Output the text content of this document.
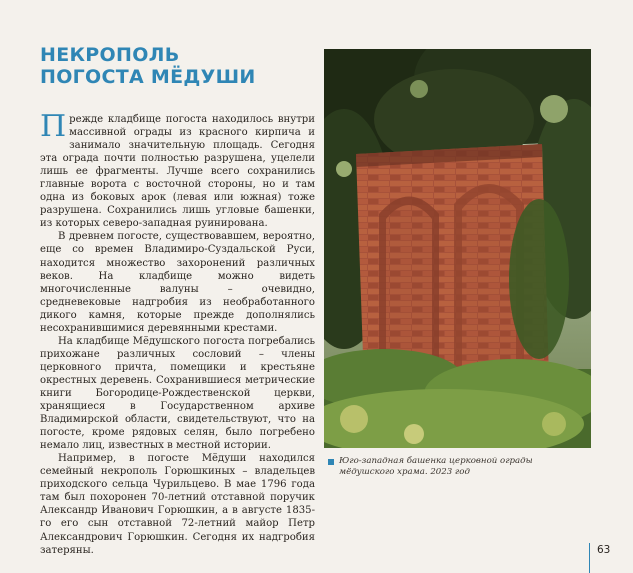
НЕКРОПОЛЬ
ПОГОСТА МЁДУШИ

Прежде кладбище погоста находилось внутри массивной ограды из красного кирпича и занимало значительную площадь. Сегодня эта ограда почти полностью разрушена, уцелели лишь ее фрагменты. Лучше всего сохранились главные ворота с восточной стороны, но и там одна из боковых арок (левая или южная) тоже разрушена. Сохранились лишь угловые башенки, из которых северо-западная руинирована.

В древнем погосте, существовавшем, вероятно, еще со времен Владимиро-Суздальской Руси, находится множество захоронений различных веков. На кладбище можно видеть многочисленные валуны – очевидно, средневековые надгробия из необработанного дикого камня, которые прежде дополнялись несохранившимися деревянными крестами.

На кладбище Мёдушского погоста погребались прихожане различных сословий – члены церковного причта, помещики и крестьяне окрестных деревень. Сохранившиеся метрические книги Богородице-Рождественской церкви, хранящиеся в Государственном архиве Владимирской области, свидетельствуют, что на погосте, кроме рядовых селян, было погребено немало лиц, известных в местной истории.

Например, в погосте Мёдуши находился семейный некрополь Горюшкиных – владельцев приходского сельца Чурильцево. В мае 1796 года там был похоронен 70-летний отставной поручик Александр Иванович Горюшкин, а в августе 1835-го его сын отставной 72-летний майор Петр Александрович Горюшкин. Сегодня их надгробия затеряны.

Юго-западная башенка церковной ограды мёдушского храма. 2023 год
63
